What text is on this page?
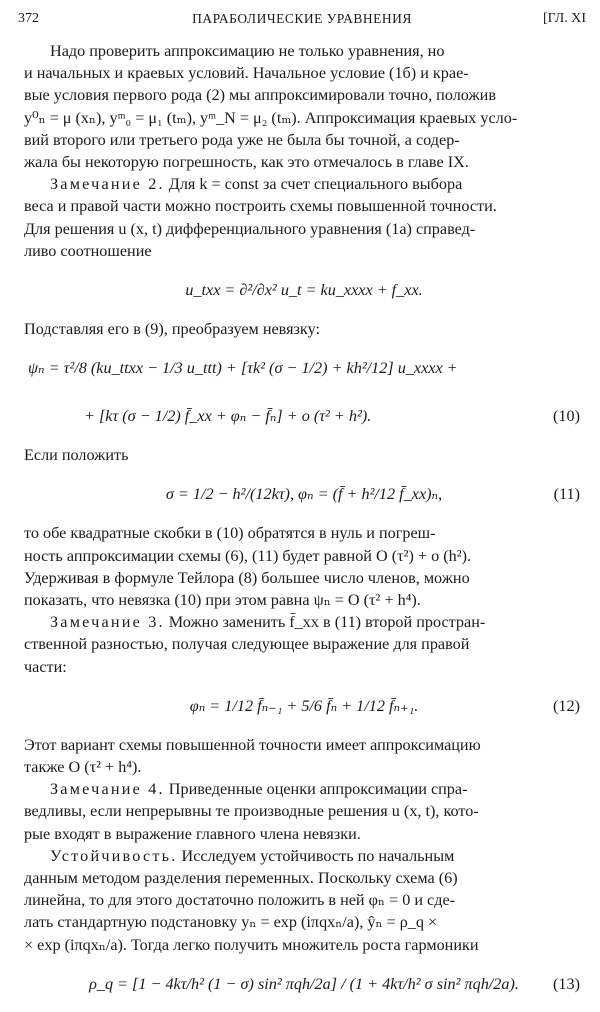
372	ПАРАБОЛИЧЕСКИЕ УРАВНЕНИЯ	[ГЛ. XI

Надо проверить аппроксимацию не только уравнения, но

и начальных и краевых условий. Начальное условие (1б) и крае-

вые условия первого рода (2) мы аппроксимировали точно, положив

y⁰ₙ = μ (xₙ), yᵐ₀ = μ₁ (tₘ), yᵐ_N = μ₂ (tₘ). Аппроксимация краевых усло-

вий второго или третьего рода уже не была бы точной, а содер-

жала бы некоторую погрешность, как это отмечалось в главе IX.

Замечание 2. Для k = const за счет специального выбора

веса и правой части можно построить схемы повышенной точности.

Для решения u (x, t) дифференциального уравнения (1а) справед-

ливо соотношение

u_txx = ∂²/∂x² u_t = ku_xxxx + f_xx.

Подставляя его в (9), преобразуем невязку:

ψₙ = τ²/8 (ku_ttxx − 1/3 u_ttt) + [τk² (σ − 1/2) + kh²/12] u_xxxx +
+ [kτ (σ − 1/2) f̄_xx + φₙ − f̄ₙ] + o (τ² + h²).	(10)

Если положить

σ = 1/2 − h²/(12kτ), φₙ = (f̄ + h²/12 f̄_xx)ₙ,	(11)

то обе квадратные скобки в (10) обратятся в нуль и погреш-

ность аппроксимации схемы (6), (11) будет равной O (τ²) + o (h²).

Удерживая в формуле Тейлора (8) большее число членов, можно

показать, что невязка (10) при этом равна ψₙ = O (τ² + h⁴).

Замечание 3. Можно заменить f̄_xx в (11) второй простран-

ственной разностью, получая следующее выражение для правой

части:

φₙ = 1/12 f̄ₙ₋₁ + 5/6 f̄ₙ + 1/12 f̄ₙ₊₁.	(12)

Этот вариант схемы повышенной точности имеет аппроксимацию

также O (τ² + h⁴).

Замечание 4. Приведенные оценки аппроксимации спра-

ведливы, если непрерывны те производные решения u (x, t), кото-

рые входят в выражение главного члена невязки.

Устойчивость. Исследуем устойчивость по начальным

данным методом разделения переменных. Поскольку схема (6)

линейна, то для этого достаточно положить в ней φₙ = 0 и сде-

лать стандартную подстановку yₙ = exp (iπqxₙ/a), ŷₙ = ρ_q ×

× exp (iπqxₙ/a). Тогда легко получить множитель роста гармоники

ρ_q = [1 − 4kτ/h² (1 − σ) sin² πqh/2a] / (1 + 4kτ/h² σ sin² πqh/2a). (13)
